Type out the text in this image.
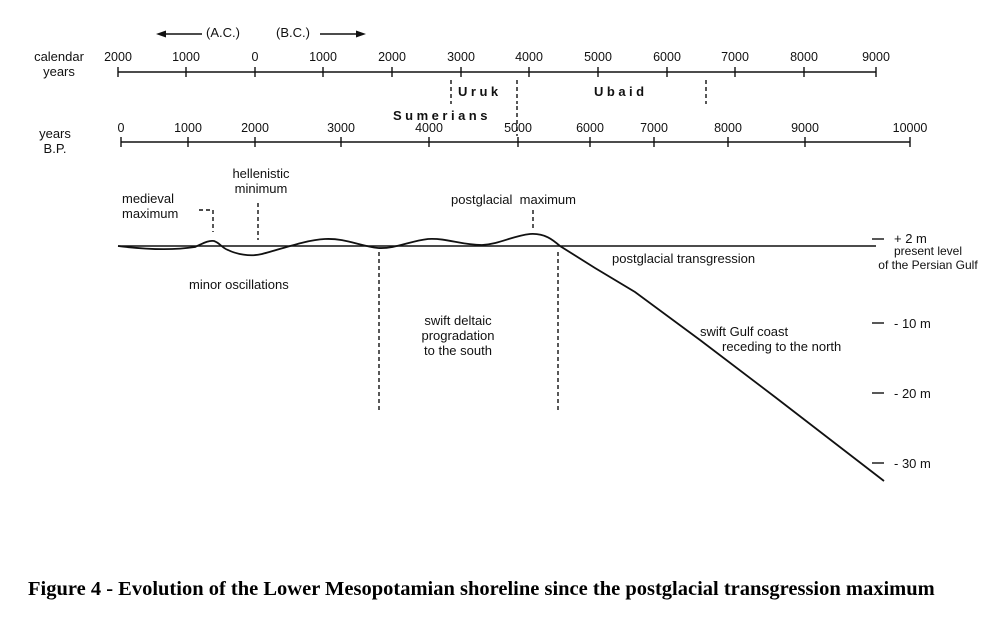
calendar
years
years
B.P.
(A.C.)	(B.C.)
2000	1000	0	1000	2000	3000	4000	5000	6000	7000	8000	9000
Uruk	Ubaid
Sumerians
0	1000	2000	3000	4000	5000	6000	7000	8000	9000	10000
medieval
maximum
hellenistic
minimum
postglacial  maximum
minor oscillations
postglacial transgression
swift deltaic
progradation
to the south
swift Gulf coast
receding to the north
+ 2 m
present level
of the Persian Gulf
- 10 m
- 20 m
- 30 m
Figure 4 - Evolution of the Lower Mesopotamian shoreline since the postglacial transgression maximum
